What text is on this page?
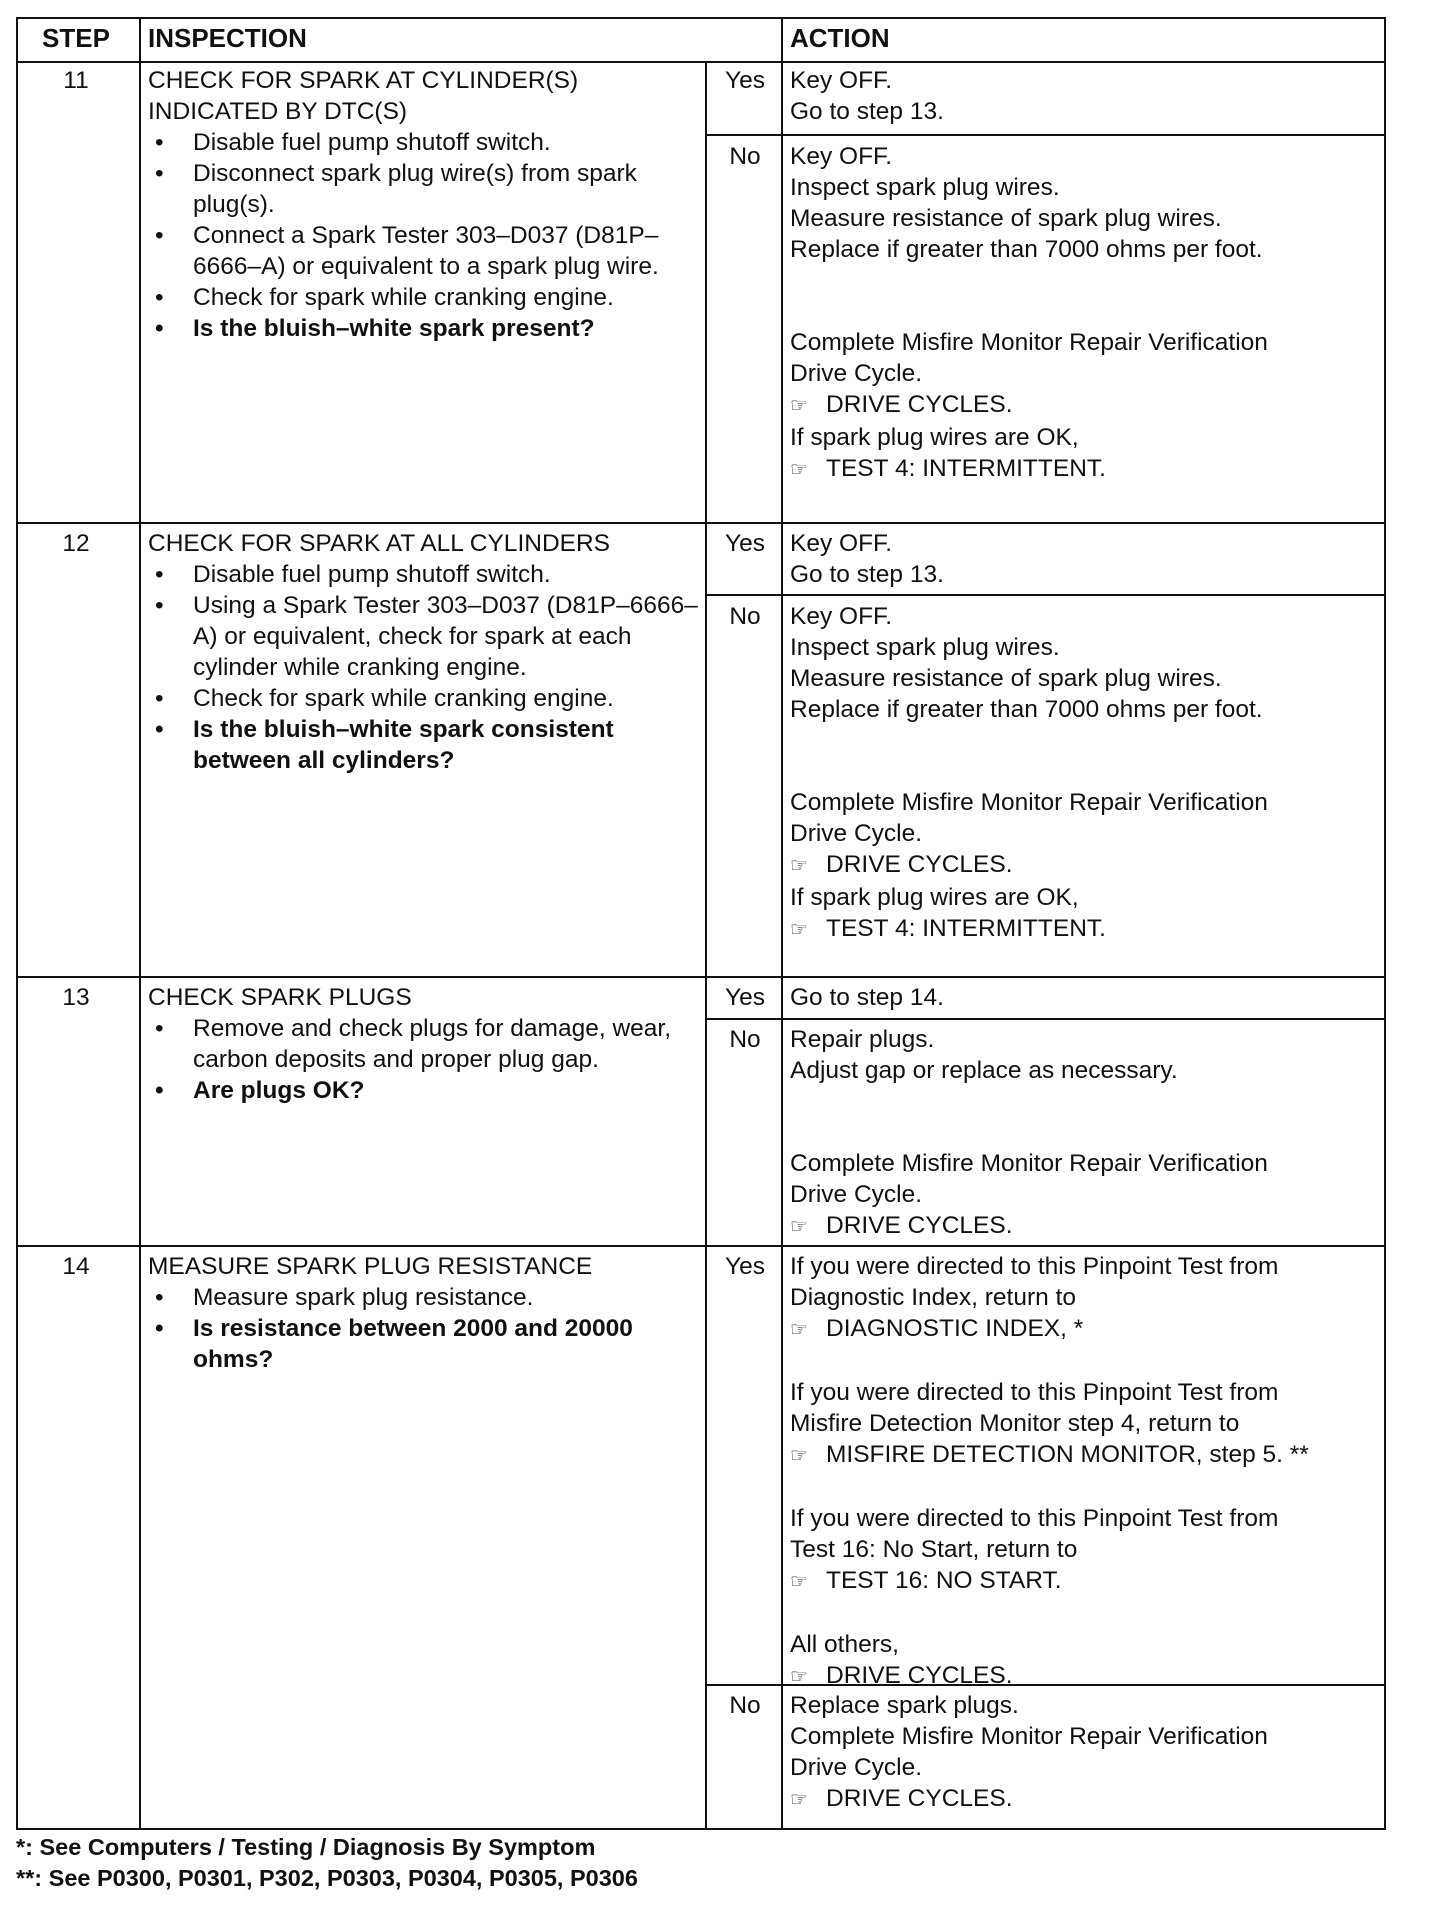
STEP	INSPECTION	ACTION
11	CHECK FOR SPARK AT CYLINDER(S)
INDICATED BY DTC(S)
• Disable fuel pump shutoff switch.
• Disconnect spark plug wire(s) from spark plug(s).
• Connect a Spark Tester 303–D037 (D81P–6666–A) or equivalent to a spark plug wire.
• Check for spark while cranking engine.
• Is the bluish–white spark present?
Yes	Key OFF.
Go to step 13.
No	Key OFF.
Inspect spark plug wires.
Measure resistance of spark plug wires.
Replace if greater than 7000 ohms per foot.
Complete Misfire Monitor Repair Verification
Drive Cycle.
☞ DRIVE CYCLES.
If spark plug wires are OK,
☞ TEST 4: INTERMITTENT.
12	CHECK FOR SPARK AT ALL CYLINDERS
• Disable fuel pump shutoff switch.
• Using a Spark Tester 303–D037 (D81P–6666–A) or equivalent, check for spark at each cylinder while cranking engine.
• Check for spark while cranking engine.
• Is the bluish–white spark consistent between all cylinders?
Yes	Key OFF.
Go to step 13.
No	Key OFF.
Inspect spark plug wires.
Measure resistance of spark plug wires.
Replace if greater than 7000 ohms per foot.
Complete Misfire Monitor Repair Verification
Drive Cycle.
☞ DRIVE CYCLES.
If spark plug wires are OK,
☞ TEST 4: INTERMITTENT.
13	CHECK SPARK PLUGS
• Remove and check plugs for damage, wear, carbon deposits and proper plug gap.
• Are plugs OK?
Yes	Go to step 14.
No	Repair plugs.
Adjust gap or replace as necessary.
Complete Misfire Monitor Repair Verification
Drive Cycle.
☞ DRIVE CYCLES.
14	MEASURE SPARK PLUG RESISTANCE
• Measure spark plug resistance.
• Is resistance between 2000 and 20000 ohms?
Yes	If you were directed to this Pinpoint Test from
Diagnostic Index, return to
☞ DIAGNOSTIC INDEX, *
If you were directed to this Pinpoint Test from
Misfire Detection Monitor step 4, return to
☞ MISFIRE DETECTION MONITOR, step 5. **
If you were directed to this Pinpoint Test from
Test 16: No Start, return to
☞ TEST 16: NO START.
All others,
☞ DRIVE CYCLES.
No	Replace spark plugs.
Complete Misfire Monitor Repair Verification
Drive Cycle.
☞ DRIVE CYCLES.
*: See Computers / Testing / Diagnosis By Symptom
**: See P0300, P0301, P302, P0303, P0304, P0305, P0306
